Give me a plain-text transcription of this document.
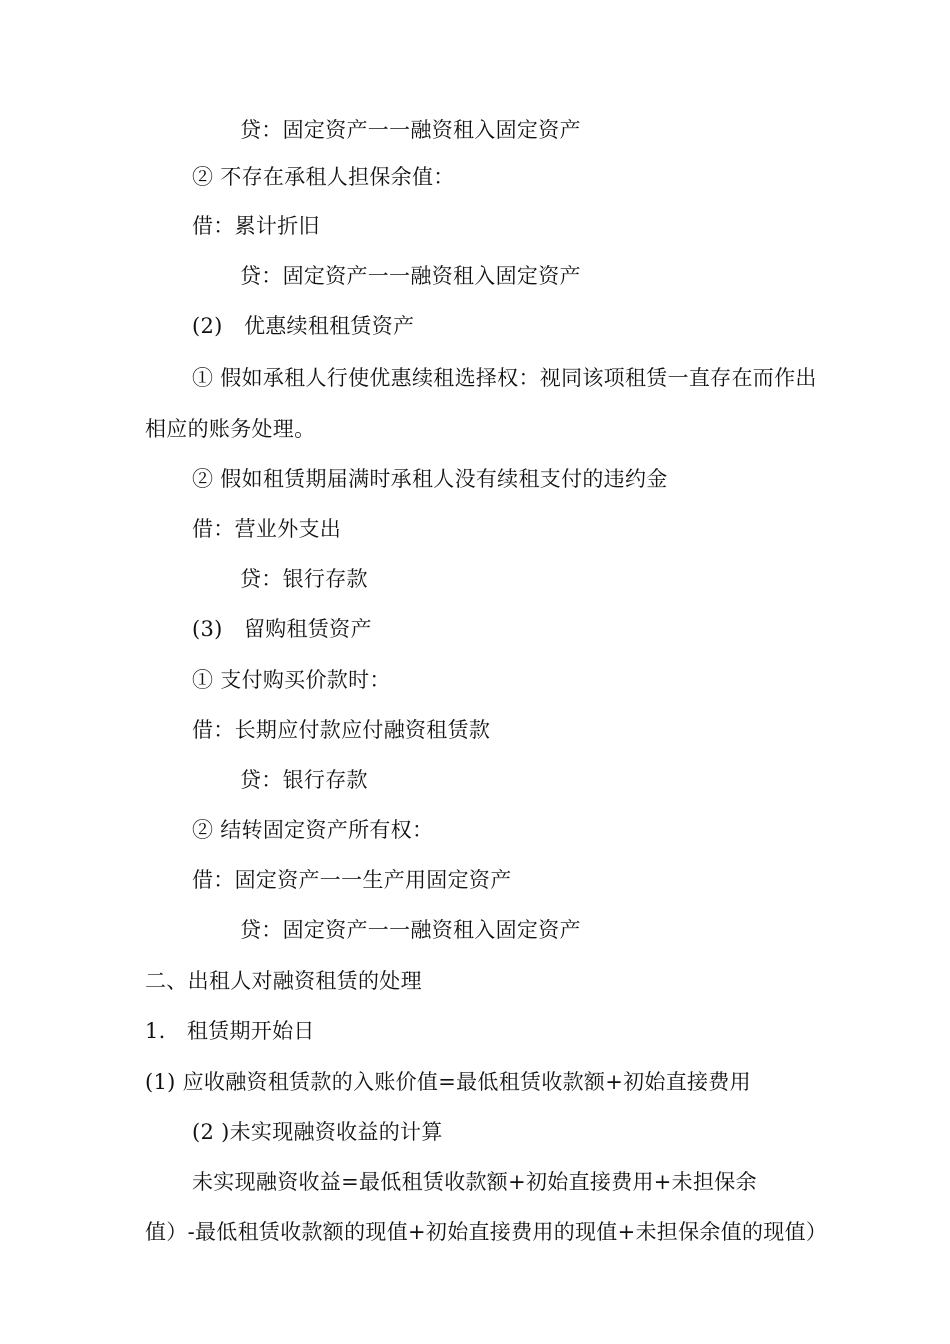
贷：固定资产一一融资租入固定资产
② 不存在承租人担保余值：
借：累计折旧
贷：固定资产一一融资租入固定资产
(2)　优惠续租租赁资产
① 假如承租人行使优惠续租选择权：视同该项租赁一直存在而作出
相应的账务处理。
② 假如租赁期届满时承租人没有续租支付的违约金
借：营业外支出
贷：银行存款
(3)　留购租赁资产
① 支付购买价款时：
借：长期应付款应付融资租赁款
贷：银行存款
② 结转固定资产所有权：
借：固定资产一一生产用固定资产
贷：固定资产一一融资租入固定资产
二、出租人对融资租赁的处理
1.　租赁期开始日
(1) 应收融资租赁款的入账价值=最低租赁收款额+初始直接费用
(2 )未实现融资收益的计算
未实现融资收益=最低租赁收款额+初始直接费用+未担保余
值）-最低租赁收款额的现值+初始直接费用的现值+未担保余值的现值）
